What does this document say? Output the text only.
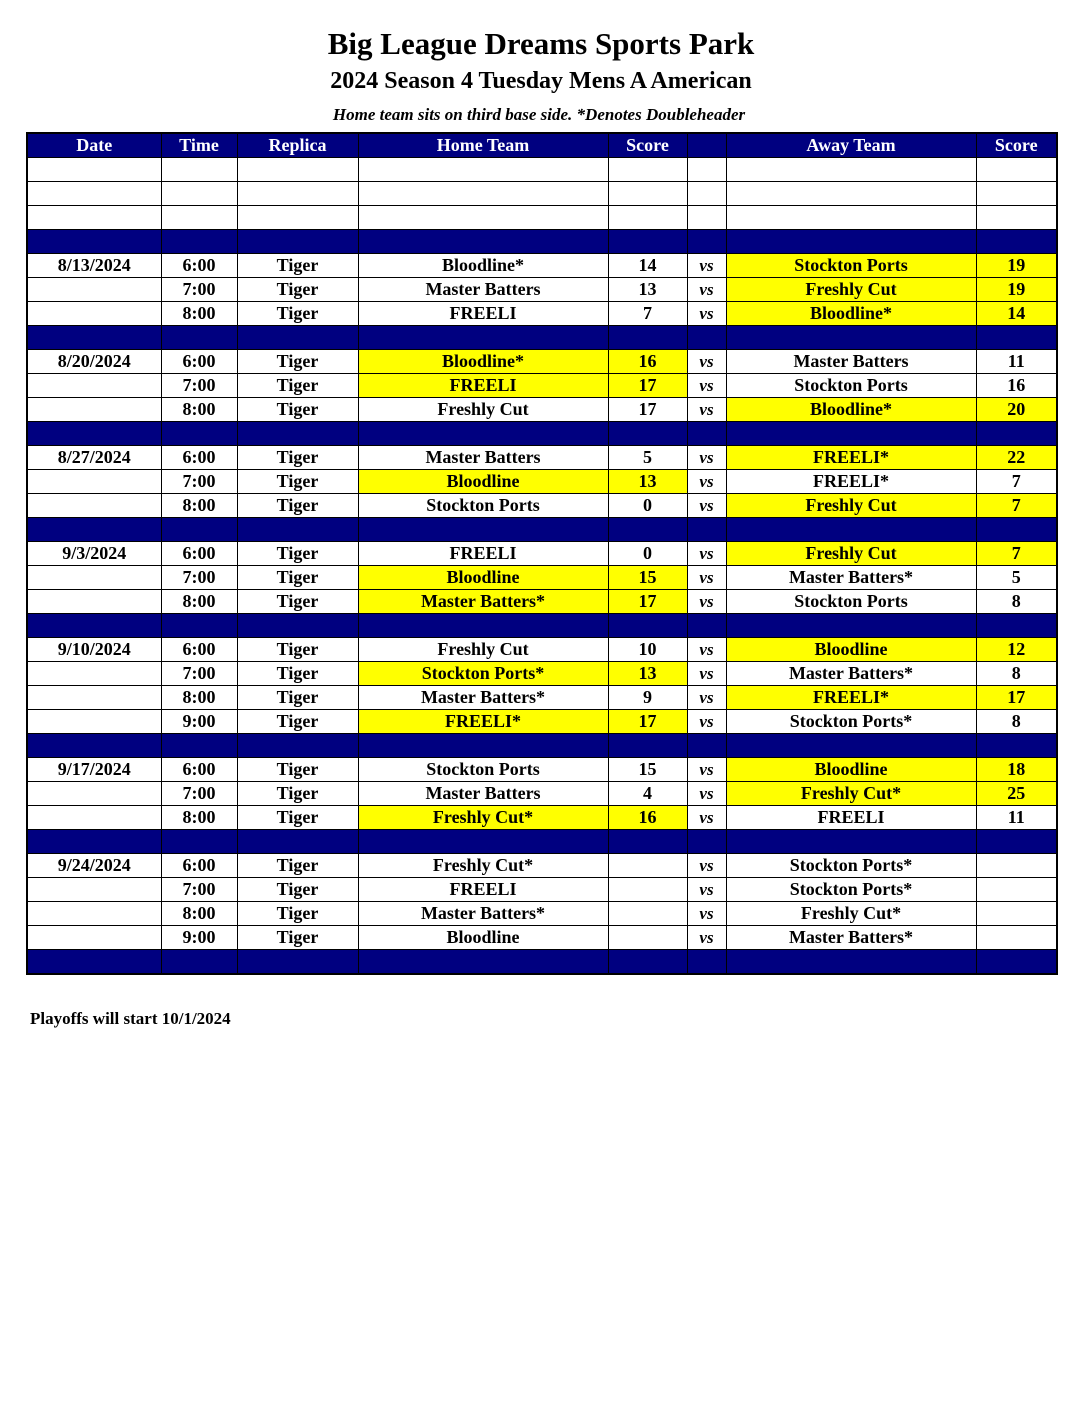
Big League Dreams Sports Park
2024 Season 4 Tuesday Mens A American
Home team sits on third base side. *Denotes Doubleheader
Date	Time	Replica	Home Team	Score		Away Team	Score

8/13/2024	6:00	Tiger	Bloodline*	14	vs	Stockton Ports	19
	7:00	Tiger	Master Batters	13	vs	Freshly Cut	19
	8:00	Tiger	FREELI	7	vs	Bloodline*	14

8/20/2024	6:00	Tiger	Bloodline*	16	vs	Master Batters	11
	7:00	Tiger	FREELI	17	vs	Stockton Ports	16
	8:00	Tiger	Freshly Cut	17	vs	Bloodline*	20

8/27/2024	6:00	Tiger	Master Batters	5	vs	FREELI*	22
	7:00	Tiger	Bloodline	13	vs	FREELI*	7
	8:00	Tiger	Stockton Ports	0	vs	Freshly Cut	7

9/3/2024	6:00	Tiger	FREELI	0	vs	Freshly Cut	7
	7:00	Tiger	Bloodline	15	vs	Master Batters*	5
	8:00	Tiger	Master Batters*	17	vs	Stockton Ports	8

9/10/2024	6:00	Tiger	Freshly Cut	10	vs	Bloodline	12
	7:00	Tiger	Stockton Ports*	13	vs	Master Batters*	8
	8:00	Tiger	Master Batters*	9	vs	FREELI*	17
	9:00	Tiger	FREELI*	17	vs	Stockton Ports*	8

9/17/2024	6:00	Tiger	Stockton Ports	15	vs	Bloodline	18
	7:00	Tiger	Master Batters	4	vs	Freshly Cut*	25
	8:00	Tiger	Freshly Cut*	16	vs	FREELI	11

9/24/2024	6:00	Tiger	Freshly Cut*		vs	Stockton Ports*	
	7:00	Tiger	FREELI		vs	Stockton Ports*	
	8:00	Tiger	Master Batters*		vs	Freshly Cut*	
	9:00	Tiger	Bloodline		vs	Master Batters*	

Playoffs will start 10/1/2024
